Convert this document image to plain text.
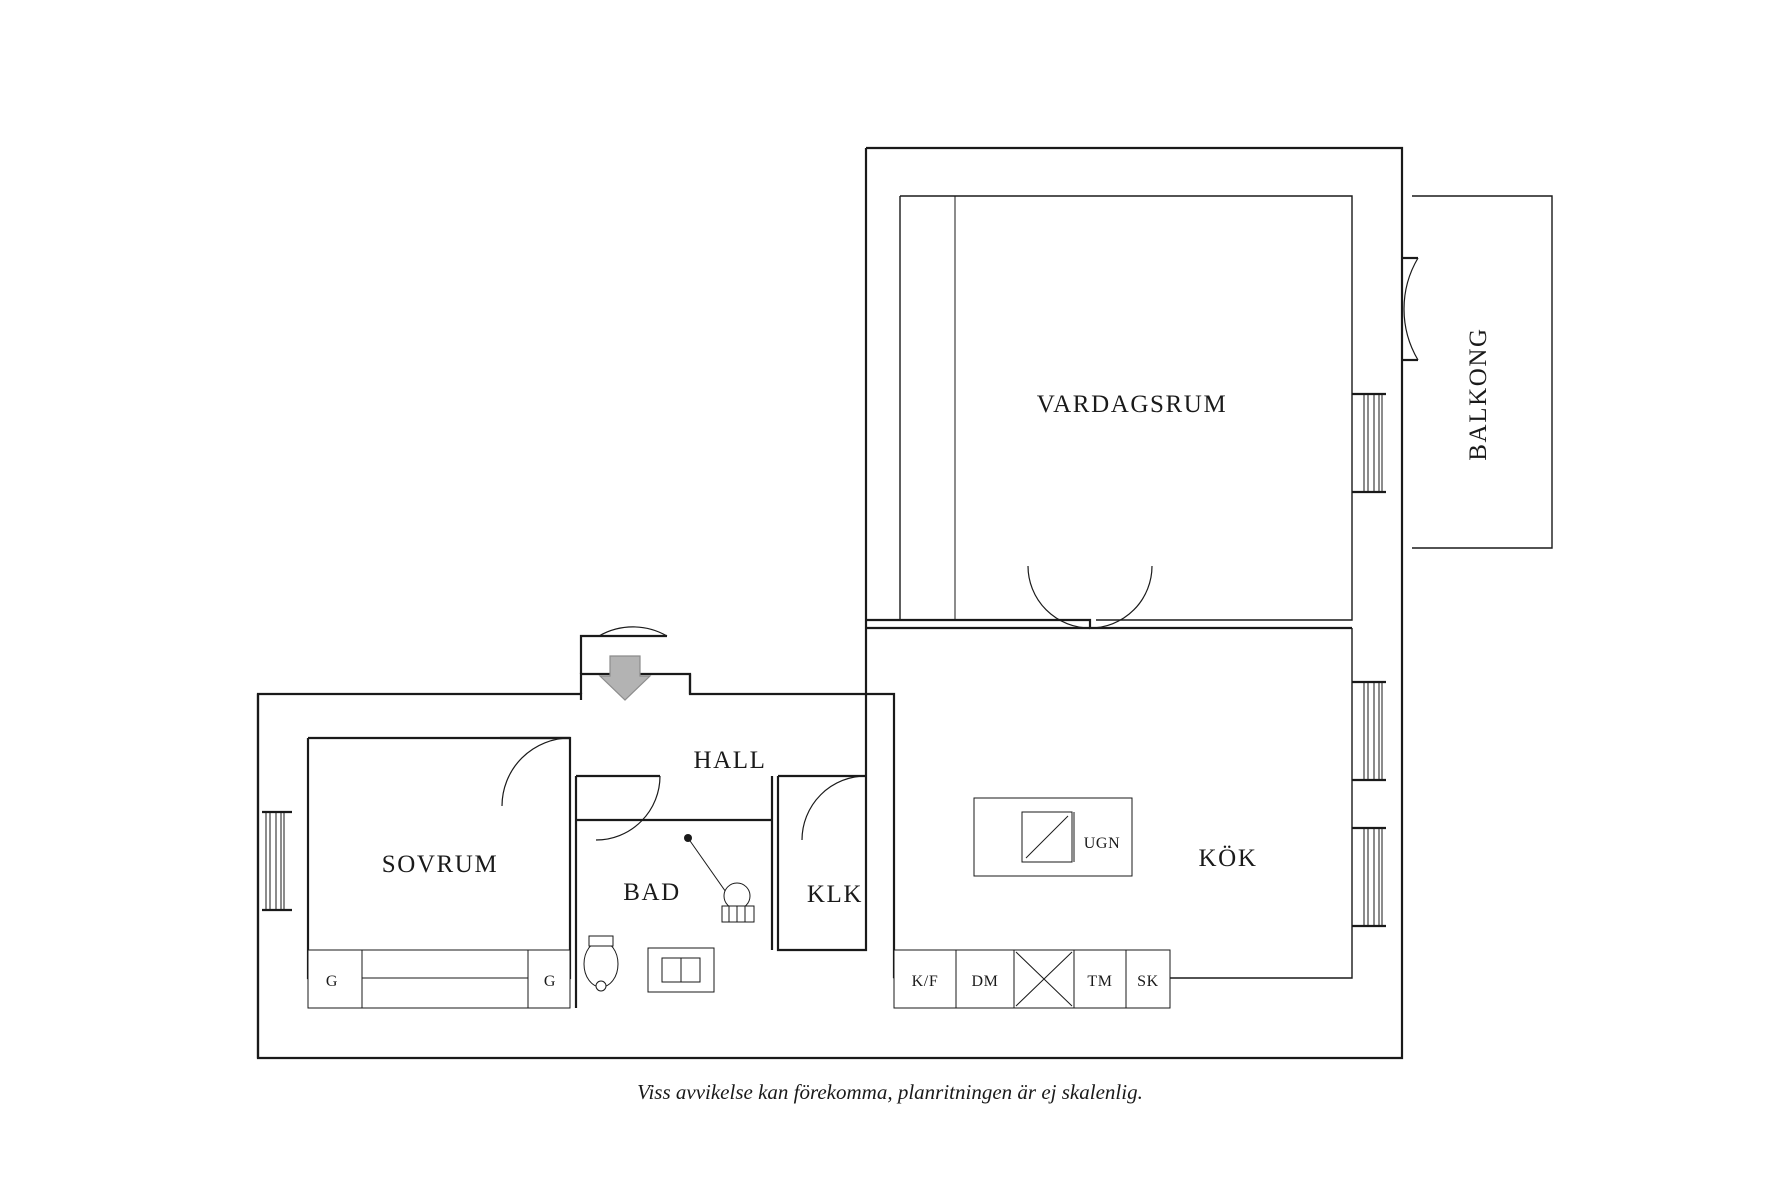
VARDAGSRUM	BALKONG
KÖK
UGN
K/F DM	TM SK
HALL
SOVRUM
G	G
BAD	KLK
Viss avvikelse kan förekomma, planritningen är ej skalenlig.
